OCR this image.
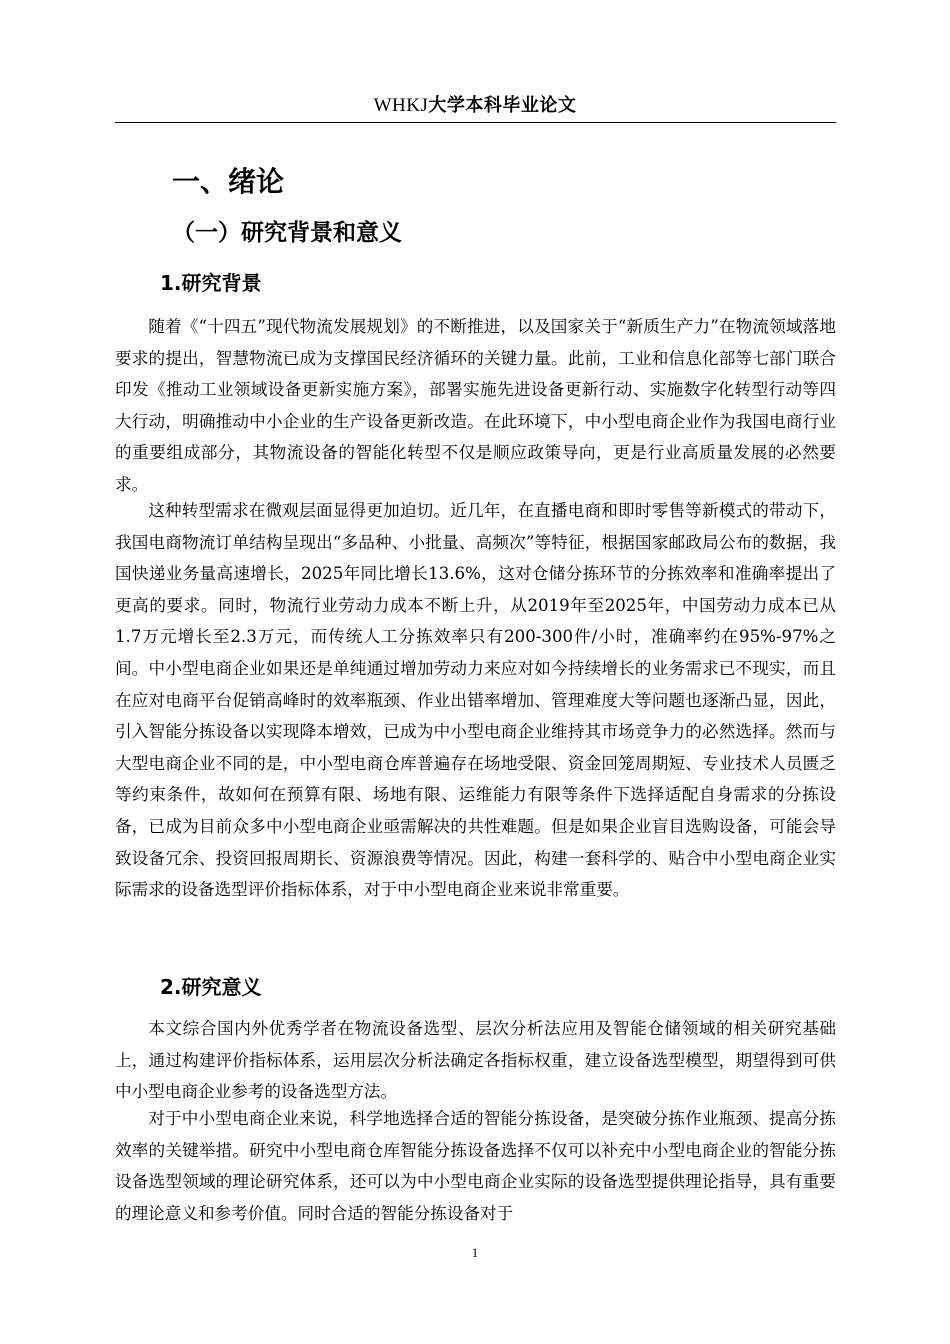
WHKJ大学本科毕业论文
一、绪论
（一）研究背景和意义
1.研究背景

随着《“十四五”现代物流发展规划》的不断推进，以及国家关于“新质生产力”在物流领域落地要求的提出，智慧物流已成为支撑国民经济循环的关键力量。此前，工业和信息化部等七部门联合印发《推动工业领域设备更新实施方案》，部署实施先进设备更新行动、实施数字化转型行动等四大行动，明确推动中小企业的生产设备更新改造。在此环境下，中小型电商企业作为我国电商行业的重要组成部分，其物流设备的智能化转型不仅是顺应政策导向，更是行业高质量发展的必然要求。

这种转型需求在微观层面显得更加迫切。近几年，在直播电商和即时零售等新模式的带动下，我国电商物流订单结构呈现出“多品种、小批量、高频次”等特征，根据国家邮政局公布的数据，我国快递业务量高速增长，2025年同比增长13.6%，这对仓储分拣环节的分拣效率和准确率提出了更高的要求。同时，物流行业劳动力成本不断上升，从2019年至2025年，中国劳动力成本已从1.7万元增长至2.3万元，而传统人工分拣效率只有200-300件/小时，准确率约在95%-97%之间。中小型电商企业如果还是单纯通过增加劳动力来应对如今持续增长的业务需求已不现实，而且在应对电商平台促销高峰时的效率瓶颈、作业出错率增加、管理难度大等问题也逐渐凸显，因此，引入智能分拣设备以实现降本增效，已成为中小型电商企业维持其市场竞争力的必然选择。然而与大型电商企业不同的是，中小型电商仓库普遍存在场地受限、资金回笼周期短、专业技术人员匮乏等约束条件，故如何在预算有限、场地有限、运维能力有限等条件下选择适配自身需求的分拣设备，已成为目前众多中小型电商企业亟需解决的共性难题。但是如果企业盲目选购设备，可能会导致设备冗余、投资回报周期长、资源浪费等情况。因此，构建一套科学的、贴合中小型电商企业实际需求的设备选型评价指标体系，对于中小型电商企业来说非常重要。

2.研究意义

本文综合国内外优秀学者在物流设备选型、层次分析法应用及智能仓储领域的相关研究基础上，通过构建评价指标体系，运用层次分析法确定各指标权重，建立设备选型模型，期望得到可供中小型电商企业参考的设备选型方法。

对于中小型电商企业来说，科学地选择合适的智能分拣设备，是突破分拣作业瓶颈、提高分拣效率的关键举措。研究中小型电商仓库智能分拣设备选择不仅可以补充中小型电商企业的智能分拣设备选型领域的理论研究体系，还可以为中小型电商企业实际的设备选型提供理论指导，具有重要的理论意义和参考价值。同时合适的智能分拣设备对于

1
